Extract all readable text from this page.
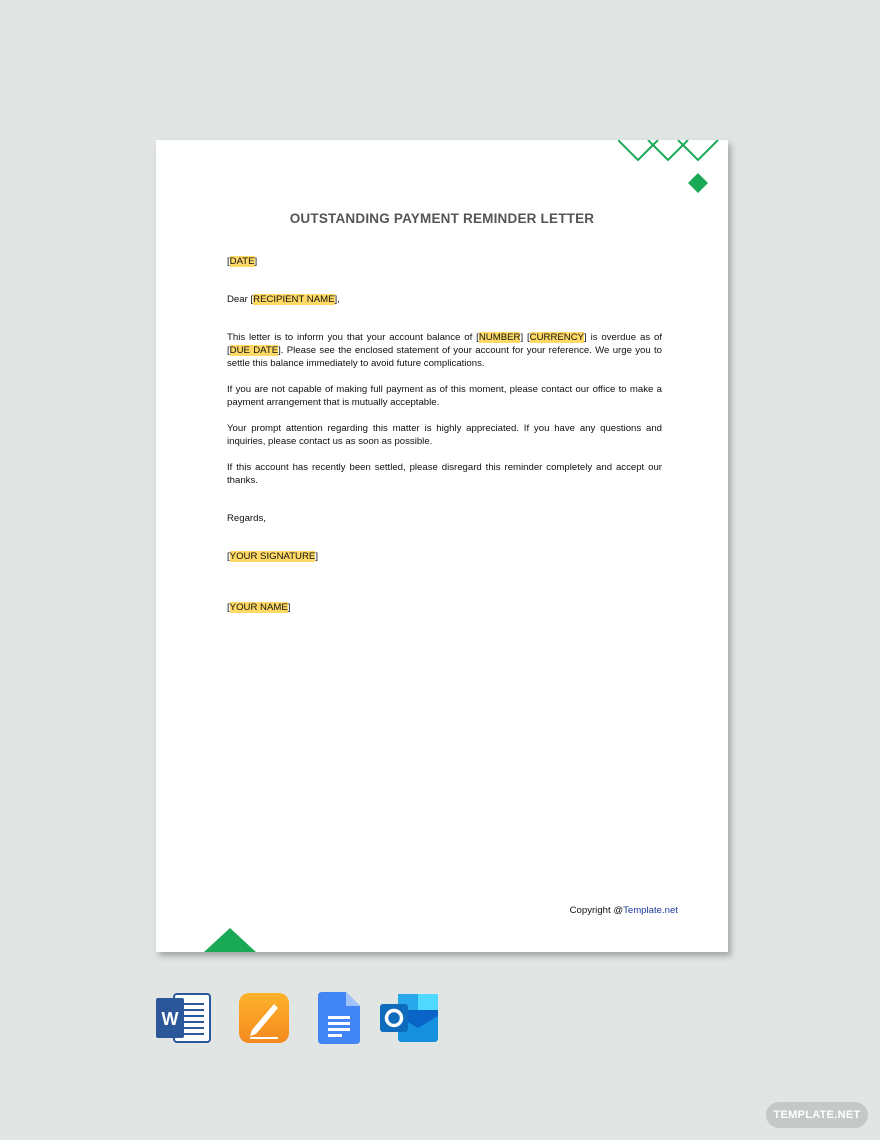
OUTSTANDING PAYMENT REMINDER LETTER
[DATE]
Dear [RECIPIENT NAME],
This letter is to inform you that your account balance of [NUMBER] [CURRENCY] is overdue as of [DUE DATE]. Please see the enclosed statement of your account for your reference. We urge you to settle this balance immediately to avoid future complications.
If you are not capable of making full payment as of this moment, please contact our office to make a payment arrangement that is mutually acceptable.
Your prompt attention regarding this matter is highly appreciated. If you have any questions and inquiries, please contact us as soon as possible.
If this account has recently been settled, please disregard this reminder completely and accept our thanks.
Regards,
[YOUR SIGNATURE]
[YOUR NAME]
Copyright @Template.net
W
TEMPLATE.NET
